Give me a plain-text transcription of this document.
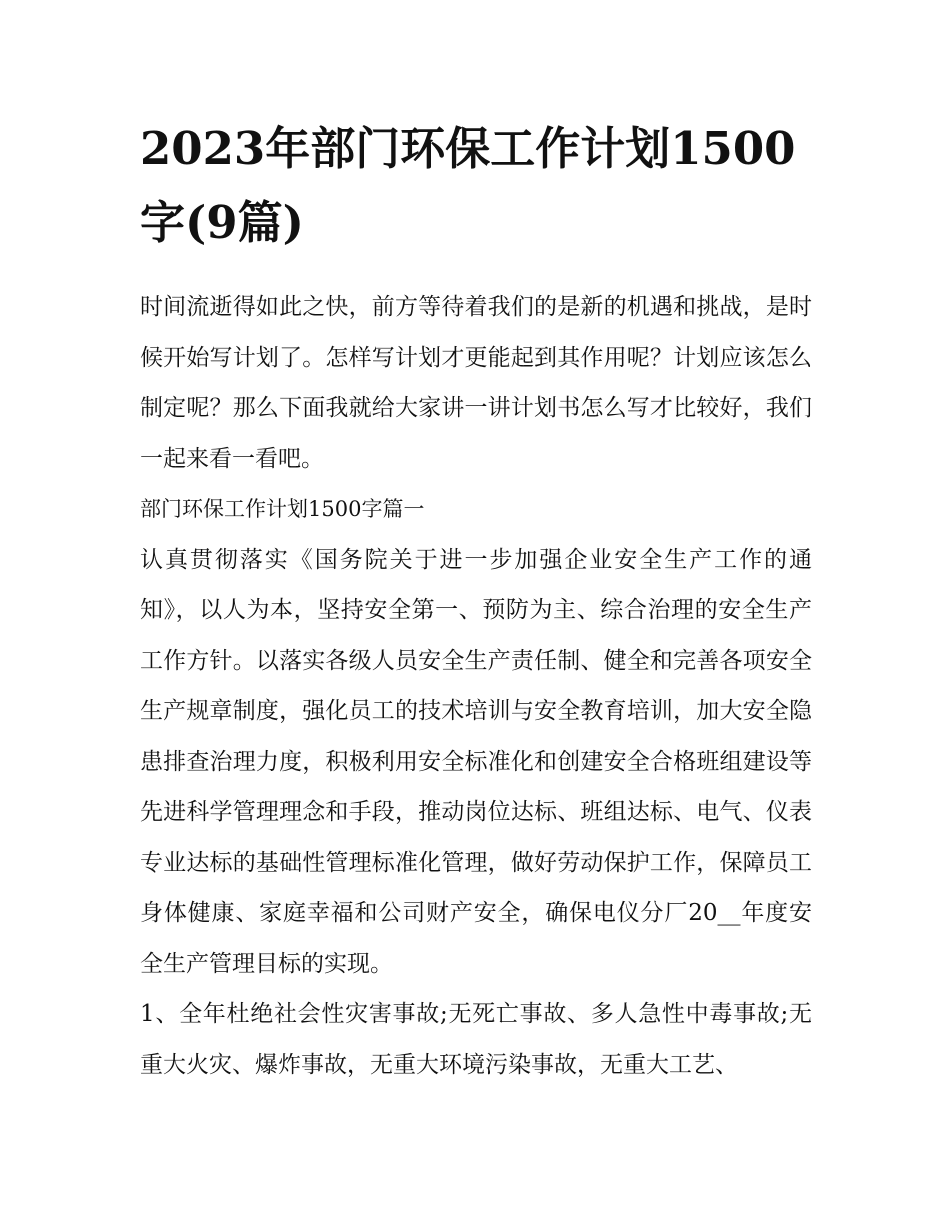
2023年部门环保工作计划1500字(9篇)

时间流逝得如此之快，前方等待着我们的是新的机遇和挑战，是时候开始写计划了。怎样写计划才更能起到其作用呢？计划应该怎么制定呢？那么下面我就给大家讲一讲计划书怎么写才比较好，我们一起来看一看吧。

部门环保工作计划1500字篇一

认真贯彻落实《国务院关于进一步加强企业安全生产工作的通知》，以人为本，坚持安全第一、预防为主、综合治理的安全生产工作方针。以落实各级人员安全生产责任制、健全和完善各项安全生产规章制度，强化员工的技术培训与安全教育培训，加大安全隐患排查治理力度，积极利用安全标准化和创建安全合格班组建设等先进科学管理理念和手段，推动岗位达标、班组达标、电气、仪表专业达标的基础性管理标准化管理，做好劳动保护工作，保障员工身体健康、家庭幸福和公司财产安全，确保电仪分厂20__年度安全生产管理目标的实现。

1、全年杜绝社会性灾害事故;无死亡事故、多人急性中毒事故;无重大火灾、爆炸事故，无重大环境污染事故，无重大工艺、
